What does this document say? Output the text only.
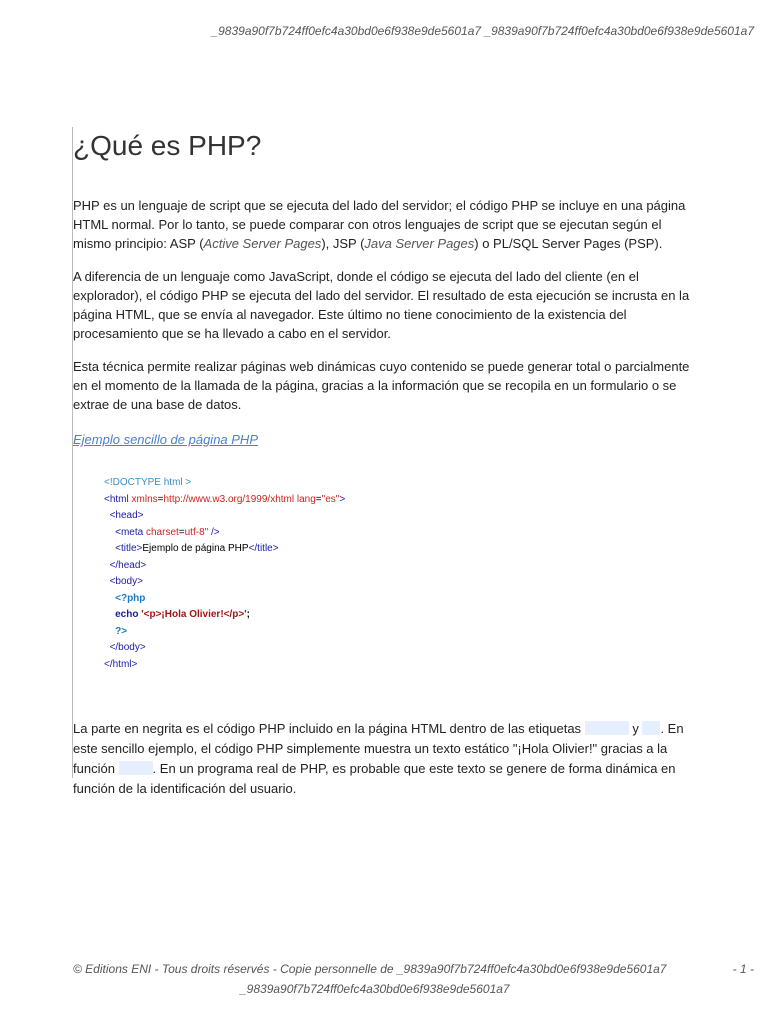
_9839a90f7b724ff0efc4a30bd0e6f938e9de5601a7 _9839a90f7b724ff0efc4a30bd0e6f938e9de5601a7
¿Qué es PHP?

PHP es un lenguaje de script que se ejecuta del lado del servidor; el código PHP se incluye en una página HTML normal. Por lo tanto, se puede comparar con otros lenguajes de script que se ejecutan según el mismo principio: ASP (Active Server Pages), JSP (Java Server Pages) o PL/SQL Server Pages (PSP).

A diferencia de un lenguaje como JavaScript, donde el código se ejecuta del lado del cliente (en el explorador), el código PHP se ejecuta del lado del servidor. El resultado de esta ejecución se incrusta en la página HTML, que se envía al navegador. Este último no tiene conocimiento de la existencia del procesamiento que se ha llevado a cabo en el servidor.

Esta técnica permite realizar páginas web dinámicas cuyo contenido se puede generar total o parcialmente en el momento de la llamada de la página, gracias a la información que se recopila en un formulario o se extrae de una base de datos.

Ejemplo sencillo de página PHP
<!DOCTYPE html >
<html xmlns=http://www.w3.org/1999/xhtml lang="es">
<head>
<meta charset=utf-8" />
<title>Ejemplo de página PHP</title>
</head>
<body>
<?php
echo '<p>¡Hola Olivier!</p>';
?>
</body>
</html>

La parte en negrita es el código PHP incluido en la página HTML dentro de las etiquetas	y . En este sencillo ejemplo, el código PHP simplemente muestra un texto estático "¡Hola Olivier!" gracias a la función	. En un programa real de PHP, es probable que este texto se genere de forma dinámica en función de la identificación del usuario.

© Editions ENI - Tous droits réservés - Copie personnelle de _9839a90f7b724ff0efc4a30bd0e6f938e9de5601a7	- 1 -
_9839a90f7b724ff0efc4a30bd0e6f938e9de5601a7
